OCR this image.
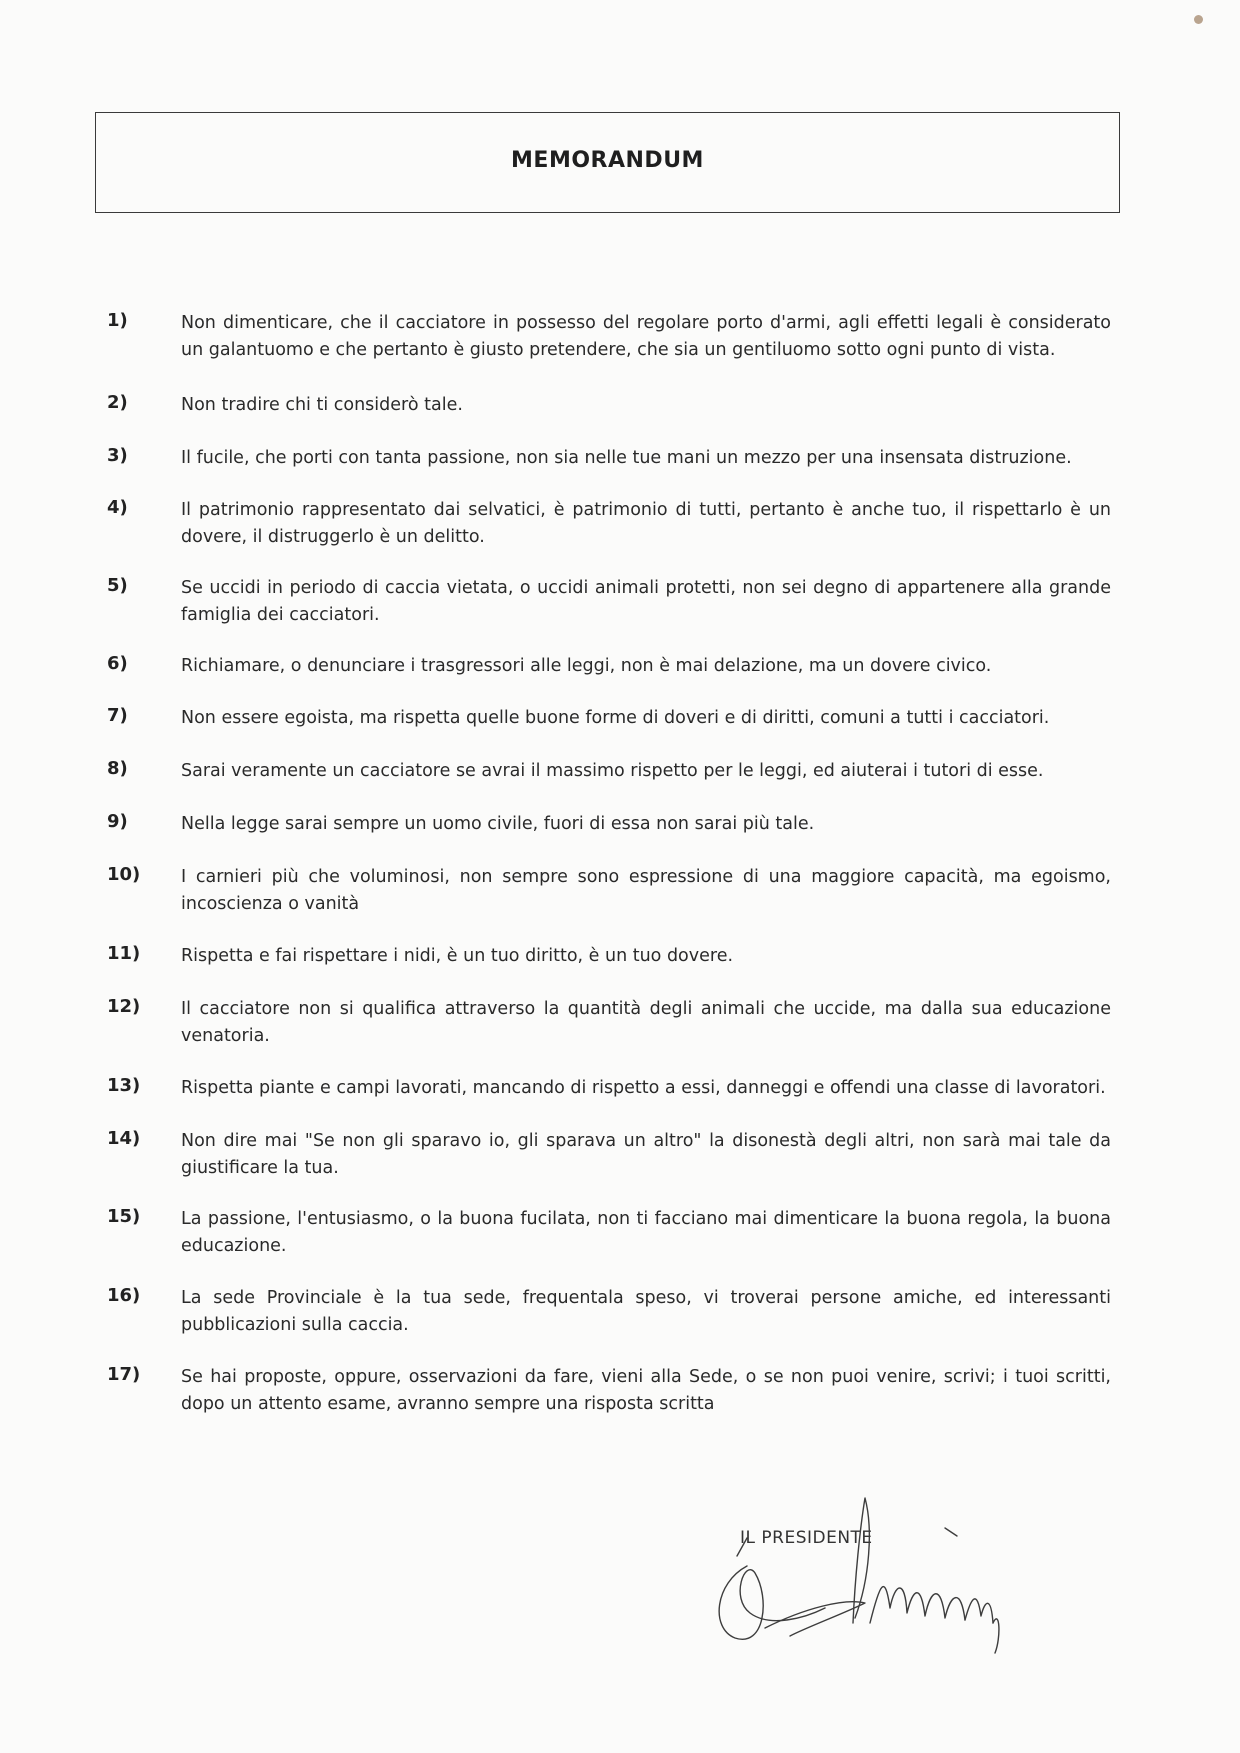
MEMORANDUM
1)	Non dimenticare, che il cacciatore in possesso del regolare porto d'armi, agli effetti legali è considerato un galantuomo e che pertanto è giusto pretendere, che sia un gentiluomo sotto ogni punto di vista.
2)	Non tradire chi ti considerò tale.
3)	Il fucile, che porti con tanta passione, non sia nelle tue mani un mezzo per una insensata distruzione.
4)	Il patrimonio rappresentato dai selvatici, è patrimonio di tutti, pertanto è anche tuo, il rispettarlo è un dovere, il distruggerlo è un delitto.
5)	Se uccidi in periodo di caccia vietata, o uccidi animali protetti, non sei degno di appartenere alla grande famiglia dei cacciatori.
6)	Richiamare, o denunciare i trasgressori alle leggi, non è mai delazione, ma un dovere civico.
7)	Non essere egoista, ma rispetta quelle buone forme di doveri e di diritti, comuni a tutti i cacciatori.
8)	Sarai veramente un cacciatore se avrai il massimo rispetto per le leggi, ed aiuterai i tutori di esse.
9)	Nella legge sarai sempre un uomo civile, fuori di essa non sarai più tale.
10) I carnieri più che voluminosi, non sempre sono espressione di una maggiore capacità, ma egoismo, incoscienza o vanità
11) Rispetta e fai rispettare i nidi, è un tuo diritto, è un tuo dovere.
12) Il cacciatore non si qualifica attraverso la quantità degli animali che uccide, ma dalla sua educazione venatoria.
13) Rispetta piante e campi lavorati, mancando di rispetto a essi, danneggi e offendi una classe di lavoratori.
14) Non dire mai "Se non gli sparavo io, gli sparava un altro" la disonestà degli altri, non sarà mai tale da giustificare la tua.
15) La passione, l'entusiasmo, o la buona fucilata, non ti facciano mai dimenticare la buona regola, la buona educazione.
16) La sede Provinciale è la tua sede, frequentala speso, vi troverai persone amiche, ed interessanti pubblicazioni sulla caccia.
17) Se hai proposte, oppure, osservazioni da fare, vieni alla Sede, o se non puoi venire, scrivi; i tuoi scritti, dopo un attento esame, avranno sempre una risposta scritta
IL PRESIDENTE
